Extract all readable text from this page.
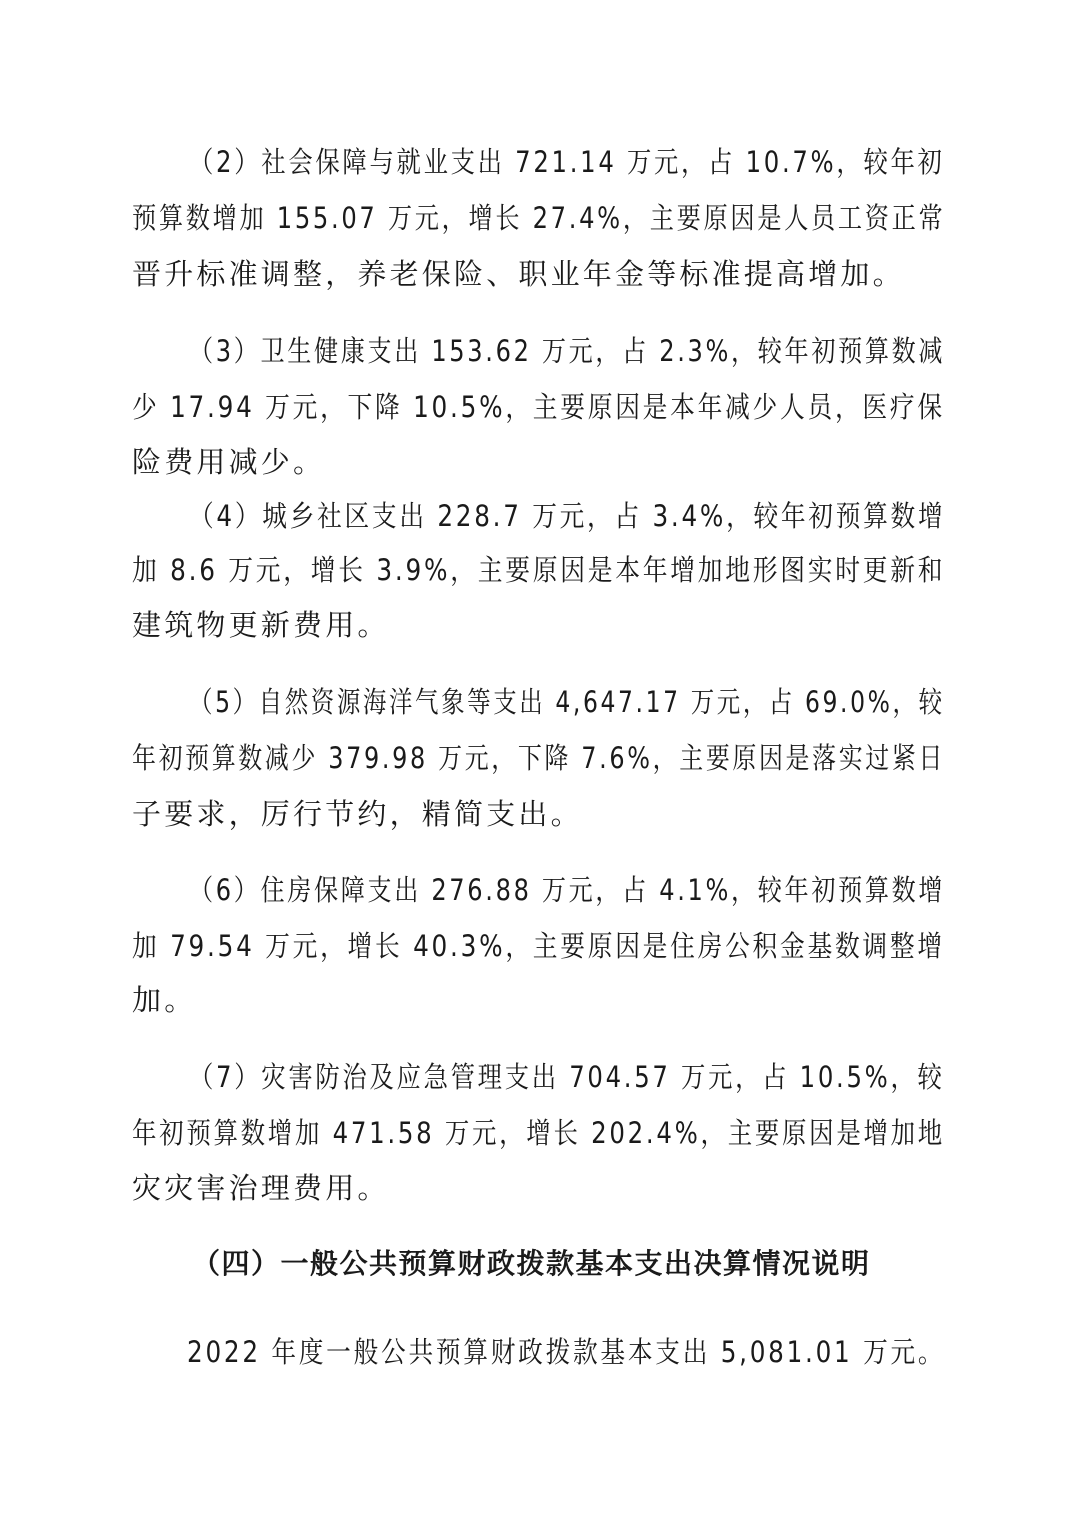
（2）社会保障与就业支出 721.14 万元，占 10.7%，较年初
预算数增加 155.07 万元，增长 27.4%，主要原因是人员工资正常
晋升标准调整，养老保险、职业年金等标准提高增加。
（3）卫生健康支出 153.62 万元，占 2.3%，较年初预算数减
少 17.94 万元，下降 10.5%，主要原因是本年减少人员，医疗保
险费用减少。
（4）城乡社区支出 228.7 万元，占 3.4%，较年初预算数增
加 8.6 万元，增长 3.9%，主要原因是本年增加地形图实时更新和
建筑物更新费用。
（5）自然资源海洋气象等支出 4,647.17 万元，占 69.0%，较
年初预算数减少 379.98 万元，下降 7.6%，主要原因是落实过紧日
子要求，厉行节约，精简支出。
（6）住房保障支出 276.88 万元，占 4.1%，较年初预算数增
加 79.54 万元，增长 40.3%，主要原因是住房公积金基数调整增
加。
（7）灾害防治及应急管理支出 704.57 万元，占 10.5%，较
年初预算数增加 471.58 万元，增长 202.4%，主要原因是增加地
灾灾害治理费用。
（四）一般公共预算财政拨款基本支出决算情况说明
2022 年度一般公共预算财政拨款基本支出 5,081.01 万元。
